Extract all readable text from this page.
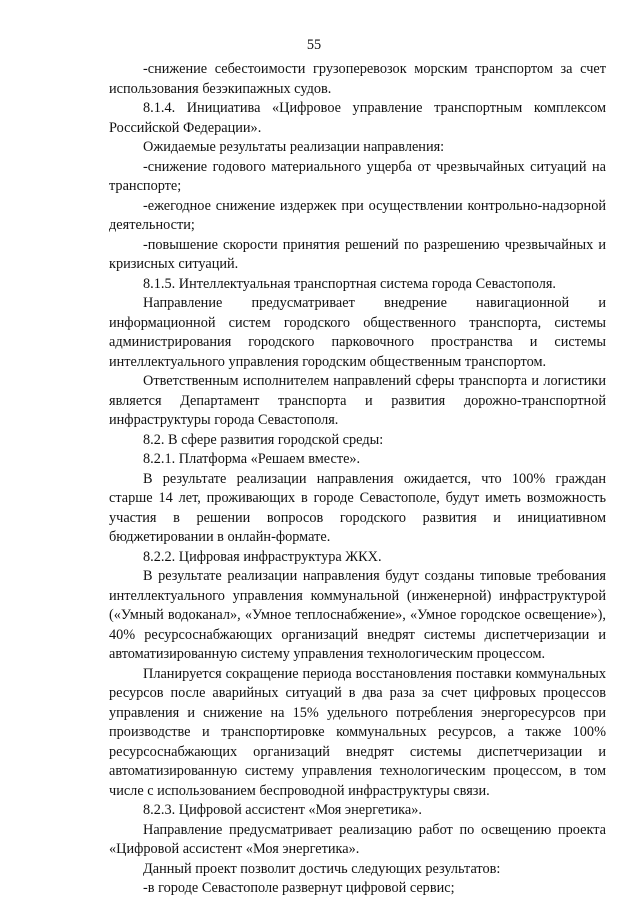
55

-снижение себестоимости грузоперевозок морским транспортом за счет использования безэкипажных судов.

8.1.4. Инициатива «Цифровое управление транспортным комплексом Российской Федерации».

Ожидаемые результаты реализации направления:

-снижение годового материального ущерба от чрезвычайных ситуаций на транспорте;

-ежегодное снижение издержек при осуществлении контрольно-надзорной деятельности;

-повышение скорости принятия решений по разрешению чрезвычайных и кризисных ситуаций.

8.1.5. Интеллектуальная транспортная система города Севастополя.

Направление предусматривает внедрение навигационной и информационной систем городского общественного транспорта, системы администрирования городского парковочного пространства и системы интеллектуального управления городским общественным транспортом.

Ответственным исполнителем направлений сферы транспорта и логистики является Департамент транспорта и развития дорожно-транспортной инфраструктуры города Севастополя.

8.2. В сфере развития городской среды:

8.2.1. Платформа «Решаем вместе».

В результате реализации направления ожидается, что 100% граждан старше 14 лет, проживающих в городе Севастополе, будут иметь возможность участия в решении вопросов городского развития и инициативном бюджетировании в онлайн-формате.

8.2.2. Цифровая инфраструктура ЖКХ.

В результате реализации направления будут созданы типовые требования интеллектуального управления коммунальной (инженерной) инфраструктурой («Умный водоканал», «Умное теплоснабжение», «Умное городское освещение»), 40% ресурсоснабжающих организаций внедрят системы диспетчеризации и автоматизированную систему управления технологическим процессом.

Планируется сокращение периода восстановления поставки коммунальных ресурсов после аварийных ситуаций в два раза за счет цифровых процессов управления и снижение на 15% удельного потребления энергоресурсов при производстве и транспортировке коммунальных ресурсов, а также 100% ресурсоснабжающих организаций внедрят системы диспетчеризации и автоматизированную систему управления технологическим процессом, в том числе с использованием беспроводной инфраструктуры связи.

8.2.3. Цифровой ассистент «Моя энергетика».

Направление предусматривает реализацию работ по освещению проекта «Цифровой ассистент «Моя энергетика».

Данный проект позволит достичь следующих результатов:

-в городе Севастополе развернут цифровой сервис;
